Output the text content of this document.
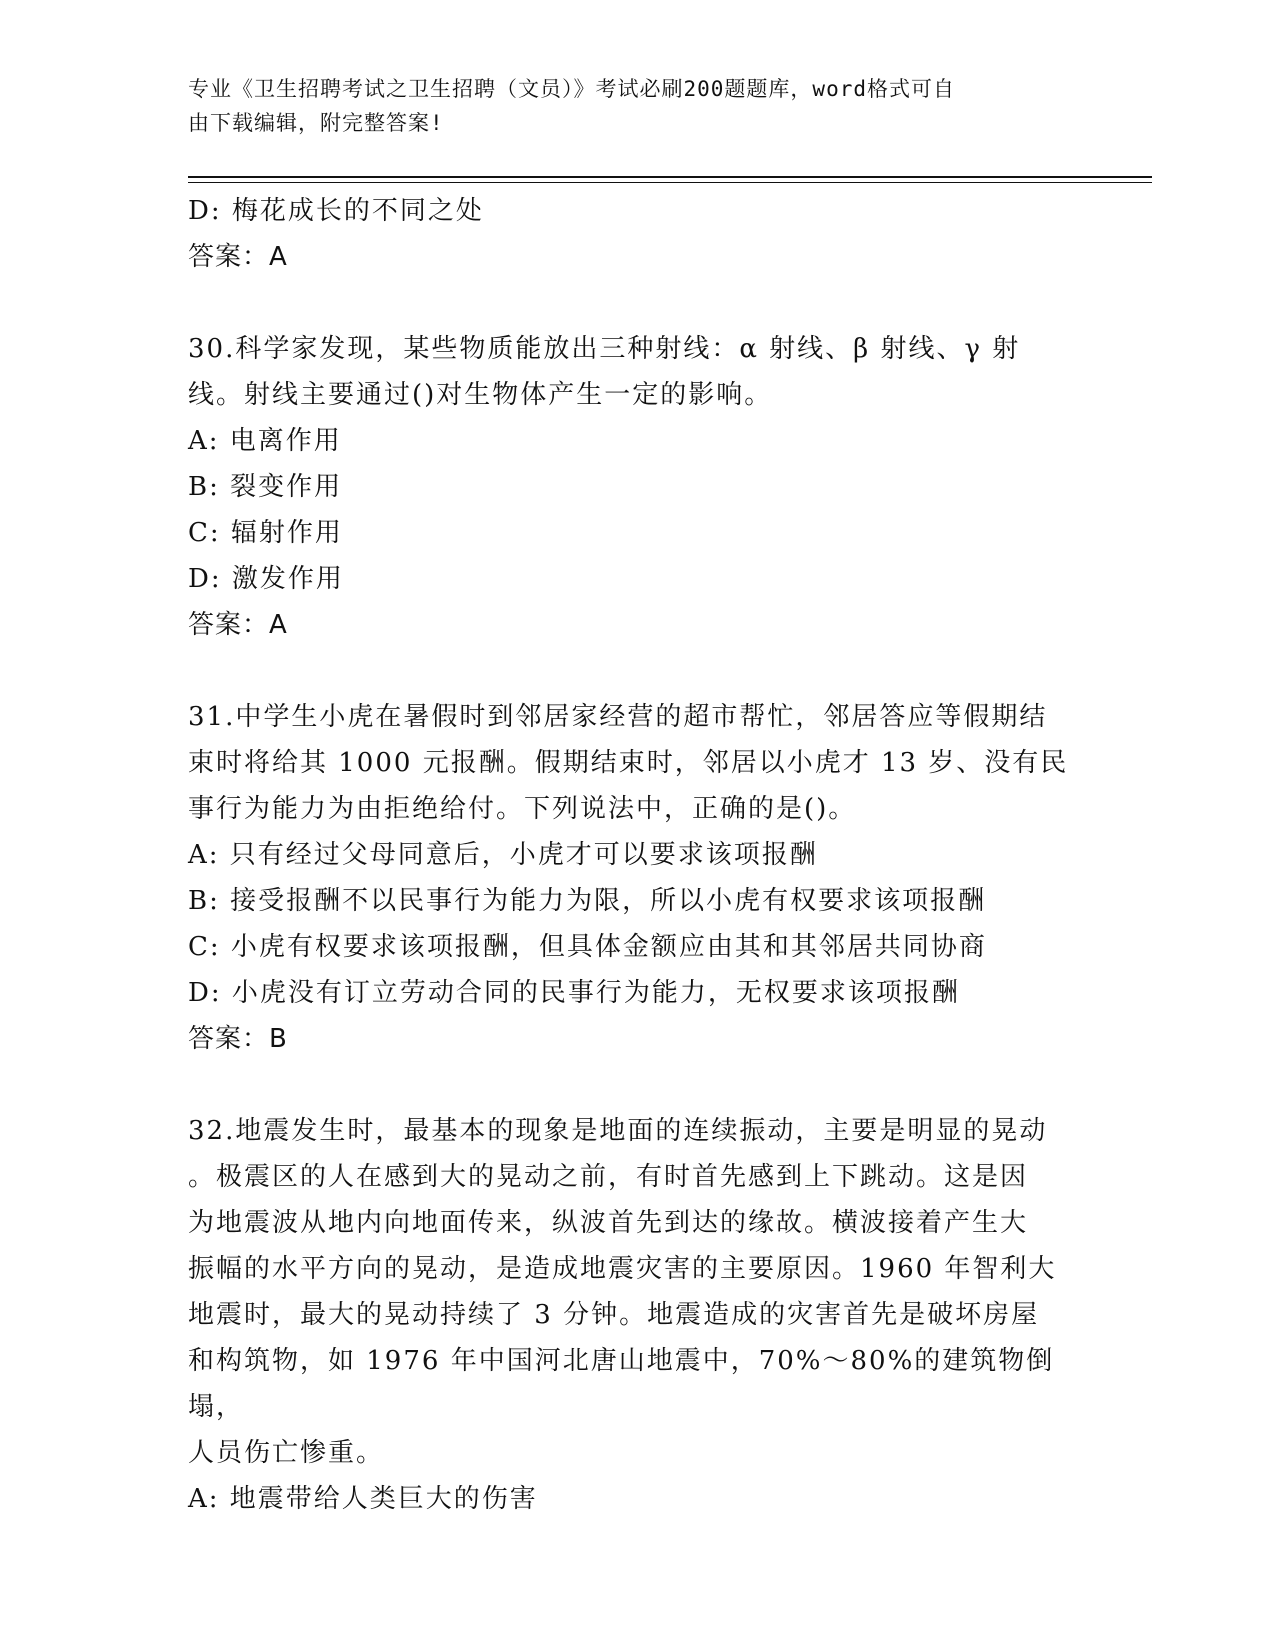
专业《卫生招聘考试之卫生招聘（文员）》考试必刷200题题库，word格式可自
由下载编辑，附完整答案!
D: 梅花成长的不同之处
答案：A
30.科学家发现，某些物质能放出三种射线：α 射线、β 射线、γ 射
线。射线主要通过()对生物体产生一定的影响。
A: 电离作用
B: 裂变作用
C: 辐射作用
D: 激发作用
答案：A
31.中学生小虎在暑假时到邻居家经营的超市帮忙，邻居答应等假期结
束时将给其 1000 元报酬。假期结束时，邻居以小虎才 13 岁、没有民
事行为能力为由拒绝给付。下列说法中，正确的是()。
A: 只有经过父母同意后，小虎才可以要求该项报酬
B: 接受报酬不以民事行为能力为限，所以小虎有权要求该项报酬
C: 小虎有权要求该项报酬，但具体金额应由其和其邻居共同协商
D: 小虎没有订立劳动合同的民事行为能力，无权要求该项报酬
答案：B
32.地震发生时，最基本的现象是地面的连续振动，主要是明显的晃动
。极震区的人在感到大的晃动之前，有时首先感到上下跳动。这是因
为地震波从地内向地面传来，纵波首先到达的缘故。横波接着产生大
振幅的水平方向的晃动，是造成地震灾害的主要原因。1960 年智利大
地震时，最大的晃动持续了 3 分钟。地震造成的灾害首先是破坏房屋
和构筑物，如 1976 年中国河北唐山地震中，70%～80%的建筑物倒塌，
人员伤亡惨重。
A: 地震带给人类巨大的伤害
